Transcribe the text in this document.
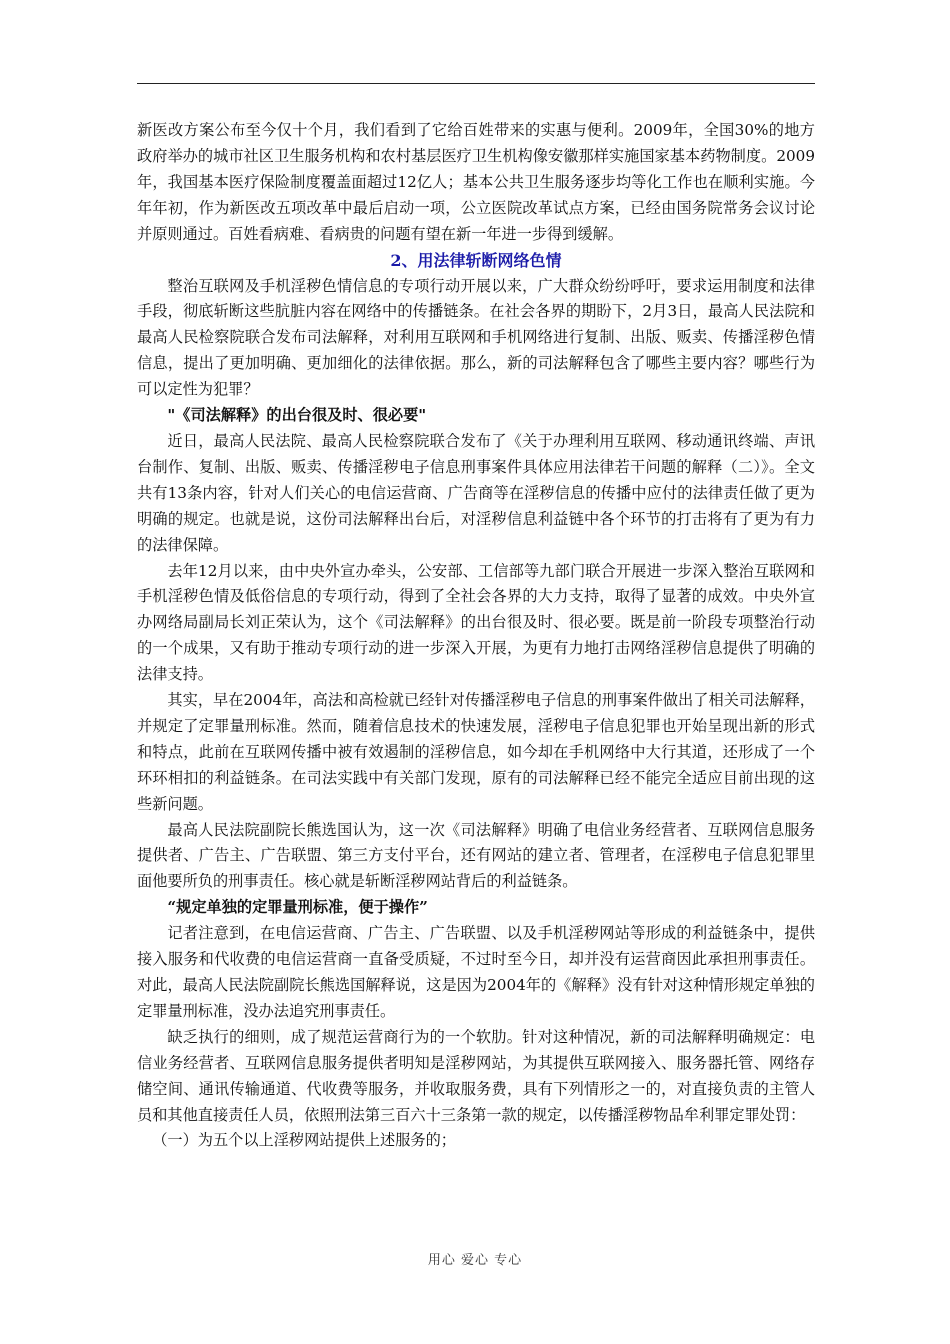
新医改方案公布至今仅十个月，我们看到了它给百姓带来的实惠与便利。2009年，全国30%的地方政府举办的城市社区卫生服务机构和农村基层医疗卫生机构像安徽那样实施国家基本药物制度。2009年，我国基本医疗保险制度覆盖面超过12亿人；基本公共卫生服务逐步均等化工作也在顺利实施。今年年初，作为新医改五项改革中最后启动一项，公立医院改革试点方案，已经由国务院常务会议讨论并原则通过。百姓看病难、看病贵的问题有望在新一年进一步得到缓解。

2、用法律斩断网络色情

整治互联网及手机淫秽色情信息的专项行动开展以来，广大群众纷纷呼吁，要求运用制度和法律手段，彻底斩断这些肮脏内容在网络中的传播链条。在社会各界的期盼下，2月3日，最高人民法院和最高人民检察院联合发布司法解释，对利用互联网和手机网络进行复制、出版、贩卖、传播淫秽色情信息，提出了更加明确、更加细化的法律依据。那么，新的司法解释包含了哪些主要内容？哪些行为可以定性为犯罪？

"《司法解释》的出台很及时、很必要"

近日，最高人民法院、最高人民检察院联合发布了《关于办理利用互联网、移动通讯终端、声讯台制作、复制、出版、贩卖、传播淫秽电子信息刑事案件具体应用法律若干问题的解释（二）》。全文共有13条内容，针对人们关心的电信运营商、广告商等在淫秽信息的传播中应付的法律责任做了更为明确的规定。也就是说，这份司法解释出台后，对淫秽信息利益链中各个环节的打击将有了更为有力的法律保障。

去年12月以来，由中央外宣办牵头，公安部、工信部等九部门联合开展进一步深入整治互联网和手机淫秽色情及低俗信息的专项行动，得到了全社会各界的大力支持，取得了显著的成效。中央外宣办网络局副局长刘正荣认为，这个《司法解释》的出台很及时、很必要。既是前一阶段专项整治行动的一个成果，又有助于推动专项行动的进一步深入开展，为更有力地打击网络淫秽信息提供了明确的法律支持。

其实，早在2004年，高法和高检就已经针对传播淫秽电子信息的刑事案件做出了相关司法解释，并规定了定罪量刑标准。然而，随着信息技术的快速发展，淫秽电子信息犯罪也开始呈现出新的形式和特点，此前在互联网传播中被有效遏制的淫秽信息，如今却在手机网络中大行其道，还形成了一个环环相扣的利益链条。在司法实践中有关部门发现，原有的司法解释已经不能完全适应目前出现的这些新问题。

最高人民法院副院长熊选国认为，这一次《司法解释》明确了电信业务经营者、互联网信息服务提供者、广告主、广告联盟、第三方支付平台，还有网站的建立者、管理者，在淫秽电子信息犯罪里面他要所负的刑事责任。核心就是斩断淫秽网站背后的利益链条。

“规定单独的定罪量刑标准，便于操作”

记者注意到，在电信运营商、广告主、广告联盟、以及手机淫秽网站等形成的利益链条中，提供接入服务和代收费的电信运营商一直备受质疑，不过时至今日，却并没有运营商因此承担刑事责任。对此，最高人民法院副院长熊选国解释说，这是因为2004年的《解释》没有针对这种情形规定单独的定罪量刑标准，没办法追究刑事责任。

缺乏执行的细则，成了规范运营商行为的一个软肋。针对这种情况，新的司法解释明确规定：电信业务经营者、互联网信息服务提供者明知是淫秽网站，为其提供互联网接入、服务器托管、网络存储空间、通讯传输通道、代收费等服务，并收取服务费，具有下列情形之一的，对直接负责的主管人员和其他直接责任人员，依照刑法第三百六十三条第一款的规定，以传播淫秽物品牟利罪定罪处罚：

（一）为五个以上淫秽网站提供上述服务的；

用心 爱心 专心
